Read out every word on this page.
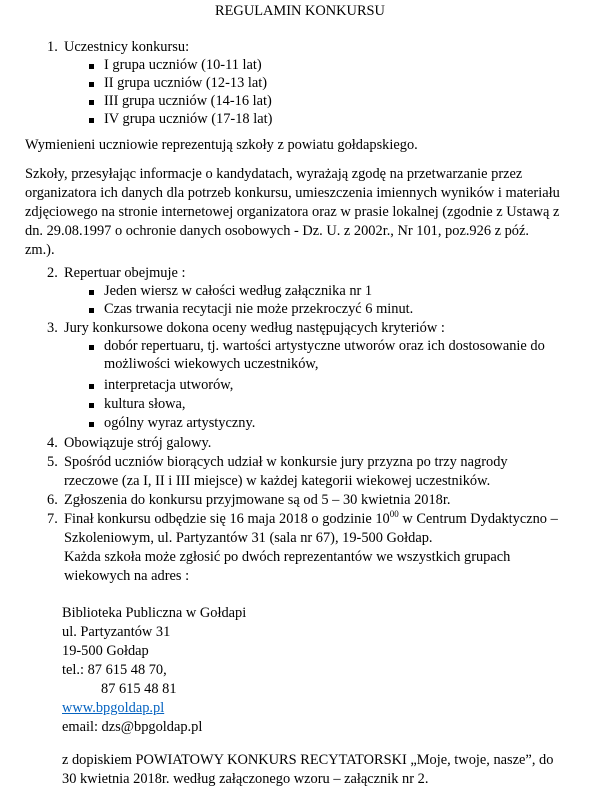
REGULAMIN KONKURSU
1. Uczestnicy konkursu:
I grupa uczniów (10-11 lat)
II grupa uczniów (12-13 lat)
III grupa uczniów (14-16 lat)
IV grupa uczniów (17-18 lat)
Wymienieni uczniowie reprezentują szkoły z powiatu gołdapskiego.
Szkoły, przesyłając informacje o kandydatach, wyrażają zgodę na przetwarzanie przez
organizatora ich danych dla potrzeb konkursu, umieszczenia imiennych wyników i materiału
zdjęciowego na stronie internetowej organizatora oraz w prasie lokalnej (zgodnie z Ustawą z
dn. 29.08.1997 o ochronie danych osobowych - Dz. U. z 2002r., Nr 101, poz.926 z póź.
zm.).
2. Repertuar obejmuje :
Jeden wiersz w całości według załącznika nr 1
Czas trwania recytacji nie może przekroczyć 6 minut.
3. Jury konkursowe dokona oceny według następujących kryteriów :
dobór repertuaru, tj. wartości artystyczne utworów oraz ich dostosowanie do
możliwości wiekowych uczestników,
interpretacja utworów,
kultura słowa,
ogólny wyraz artystyczny.
4. Obowiązuje strój galowy.
5. Spośród uczniów biorących udział w konkursie jury przyzna po trzy nagrody
rzeczowe (za I, II i III miejsce) w każdej kategorii wiekowej uczestników.
6. Zgłoszenia do konkursu przyjmowane są od 5 – 30 kwietnia 2018r.
7. Finał konkursu odbędzie się 16 maja 2018 o godzinie $10^{00}$ w Centrum Dydaktyczno –
Szkoleniowym, ul. Partyzantów 31 (sala nr 67), 19-500 Gołdap.
Każda szkoła może zgłosić po dwóch reprezentantów we wszystkich grupach
wiekowych na adres :
Biblioteka Publiczna w Gołdapi
ul. Partyzantów 31
19-500 Gołdap
tel.: 87 615 48 70,
87 615 48 81
www.bpgoldap.pl
email: dzs@bpgoldap.pl
z dopiskiem POWIATOWY KONKURS RECYTATORSKI „Moje, twoje, nasze”, do
30 kwietnia 2018r. według załączonego wzoru – załącznik nr 2.
